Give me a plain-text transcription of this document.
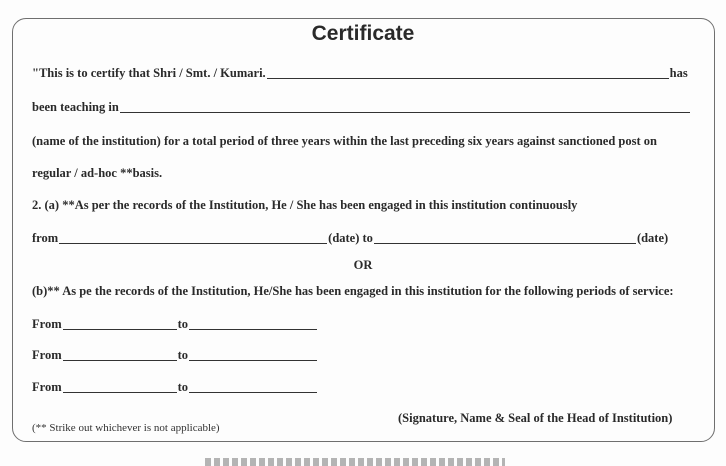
Certificate
"This is to certify that Shri / Smt. / Kumari.	has
been teaching in
(name of the institution) for a total period of three years within the last preceding six years against sanctioned post on
regular / ad-hoc **basis.
2. (a) **As per the records of the Institution, He / She has been engaged in this institution continuously
from	(date) to	(date)
OR
(b)** As pe the records of the Institution, He/She has been engaged in this institution for the following periods of service:
From	to
From	to
From	to
(Signature, Name & Seal of the Head of Institution)
(** Strike out whichever is not applicable)
